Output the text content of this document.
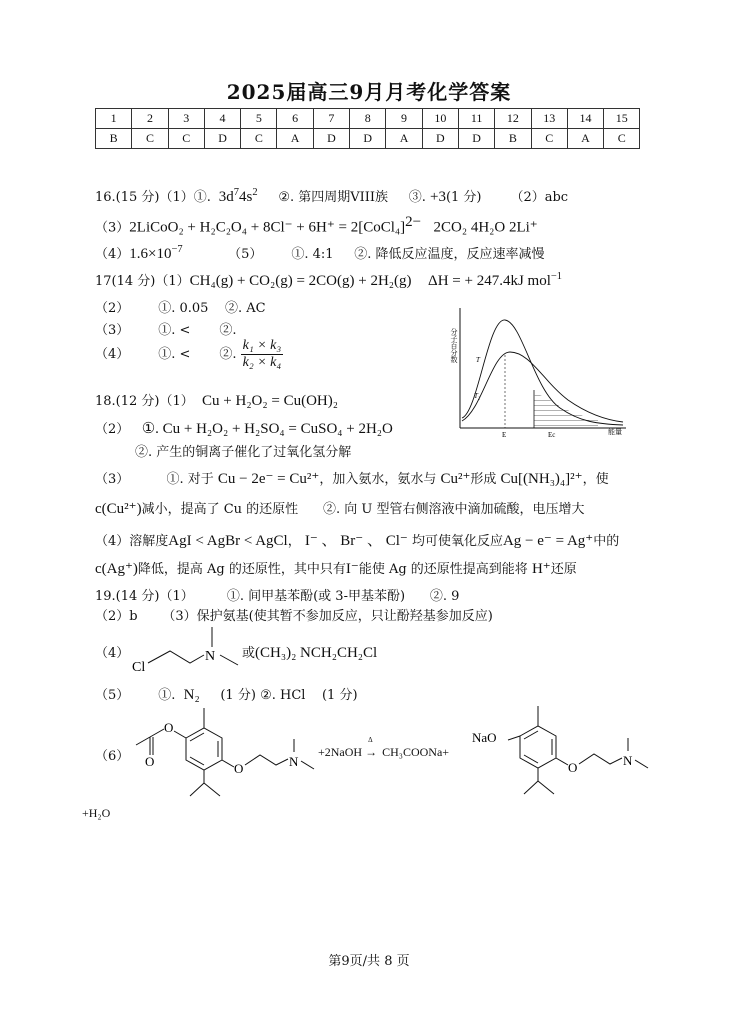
2025届高三9月月考化学答案
1	2	3	4	5	6	7	8	9	10	11	12	13	14	15
B	C	C	D	C	A	D	D	A	D	D	B	C	A	C
16.(15 分)（1）①. $3d^74s^2$ ②. 第四周期VIII族 ③. +3(1 分) （2）abc
（3）2LiCoO₂ + H₂C₂O₄ + 8Cl⁻ + 6H⁺ = 2[CoCl₄]$^{2-}$ 2CO₂ 4H₂O 2Li⁺
$(4)1.6\times 10^{-7}$	（5） ①. 4:1 ②. 降低反应温度，反应速率减慢
17(14 分)（1）CH₄(g) + CO₂(g) = 2CO(g) + 2H₂(g) ΔH = + 247.4kJ mol$^{-1}$
（2） ①. 0.05 ②. AC
（3） ①. < ②.
（4） ①. < ②. $\frac{\text{k₁ × k₃}}{\text{k₂ × k₄}}$	分子百分数	T
T₂
E	Ec	能量
18.(12 分)（1） Cu + H₂O₂ = Cu(OH)₂
（2） ①. Cu + H₂O₂ + H₂SO₄ = CuSO₄ + 2H₂O
②. 产生的铜离子催化了过氧化氢分解
（3）	①. 对于 Cu − 2e⁻ = Cu²⁺，加入氨水，氨水与 Cu²⁺形成 Cu[(NH₃)₄]²⁺，使
c(Cu²⁺)减小，提高了 Cu 的还原性 ②. 向 U 型管右侧溶液中滴加硫酸，电压增大
（4）溶解度AgI < AgBr < AgCl， I⁻ 、 Br⁻ 、 Cl⁻ 均可使氧化反应Ag − e⁻ = Ag⁺中的
c(Ag⁺)降低，提高 Ag 的还原性，其中只有I⁻能使 Ag 的还原性提高到能将 H⁺还原
19.(14 分)（1）	①. 间甲基苯酚(或 3-甲基苯酚) ②. 9
（2）b （3）保护氨基(使其暂不参加反应，只让酚羟基参加反应)
（4）
Cl
N 或(CH₃)₂ NCH₂CH₂Cl
（5） ①. N₂ (1 分) ②. HCl (1 分)
（6） O
O
O	N
+2NaOH
Δ
→ CH₃COONa+
NaO
O	N
+H₂O
第9页/共 8 页
